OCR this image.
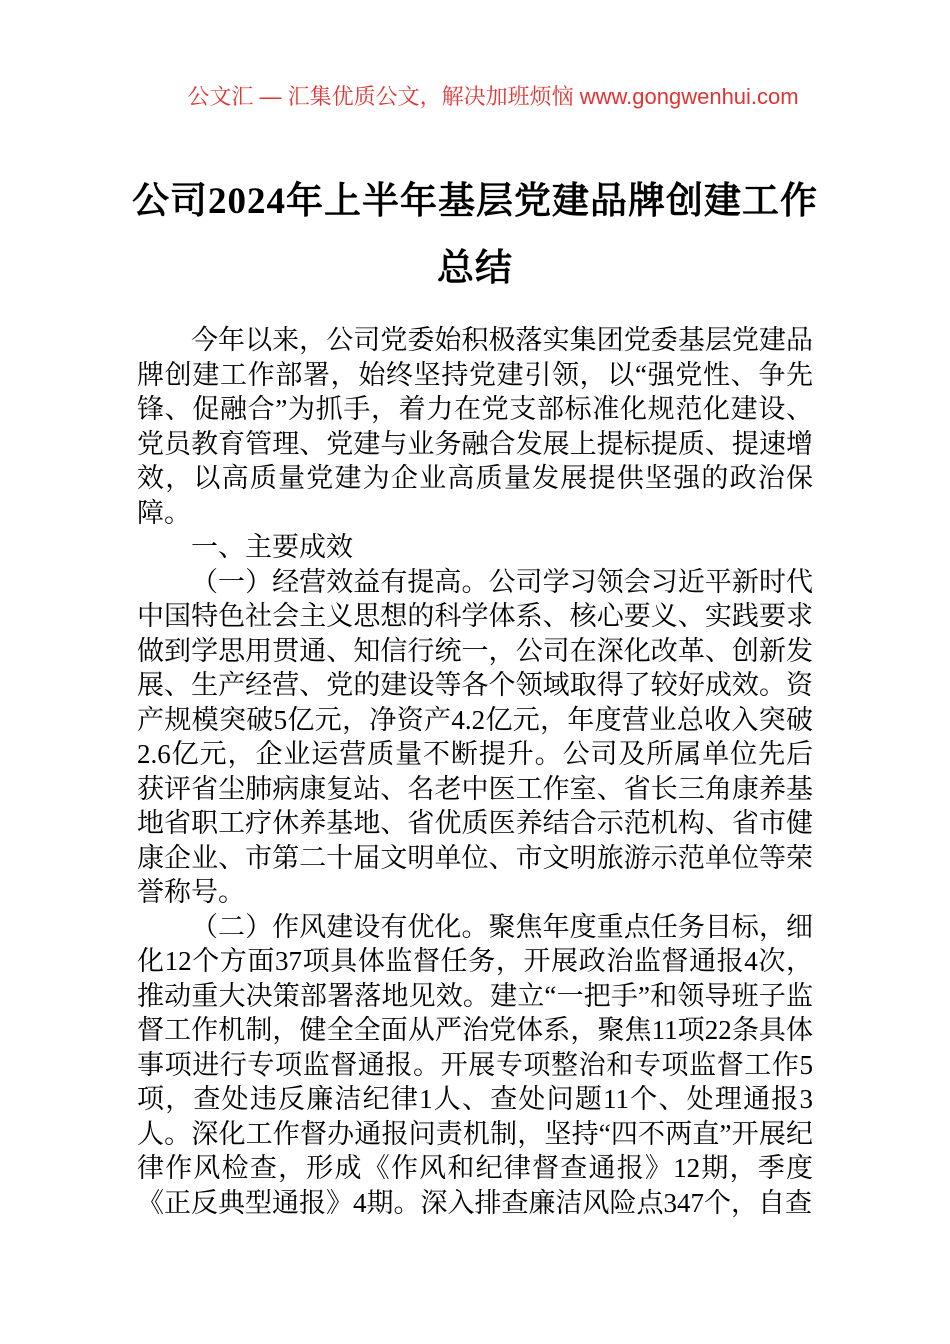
公文汇 — 汇集优质公文，解决加班烦恼 www.gongwenhui.com
公司2024年上半年基层党建品牌创建工作
总结

今年以来，公司党委始积极落实集团党委基层党建品牌创建工作部署，始终坚持党建引领，以“强党性、争先锋、促融合”为抓手，着力在党支部标准化规范化建设、党员教育管理、党建与业务融合发展上提标提质、提速增效，以高质量党建为企业高质量发展提供坚强的政治保障。

一、主要成效

（一）经营效益有提高。公司学习领会习近平新时代中国特色社会主义思想的科学体系、核心要义、实践要求做到学思用贯通、知信行统一，公司在深化改革、创新发展、生产经营、党的建设等各个领域取得了较好成效。资产规模突破5亿元，净资产4.2亿元，年度营业总收入突破2.6亿元，企业运营质量不断提升。公司及所属单位先后获评省尘肺病康复站、名老中医工作室、省长三角康养基地省职工疗休养基地、省优质医养结合示范机构、省市健康企业、市第二十届文明单位、市文明旅游示范单位等荣誉称号。

（二）作风建设有优化。聚焦年度重点任务目标，细化12个方面37项具体监督任务，开展政治监督通报4次，推动重大决策部署落地见效。建立“一把手”和领导班子监督工作机制，健全全面从严治党体系，聚焦11项22条具体事项进行专项监督通报。开展专项整治和专项监督工作5项，查处违反廉洁纪律1人、查处问题11个、处理通报3人。深化工作督办通报问责机制，坚持“四不两直”开展纪律作风检查，形成《作风和纪律督查通报》12期，季度《正反典型通报》4期。深入排查廉洁风险点347个，自查
